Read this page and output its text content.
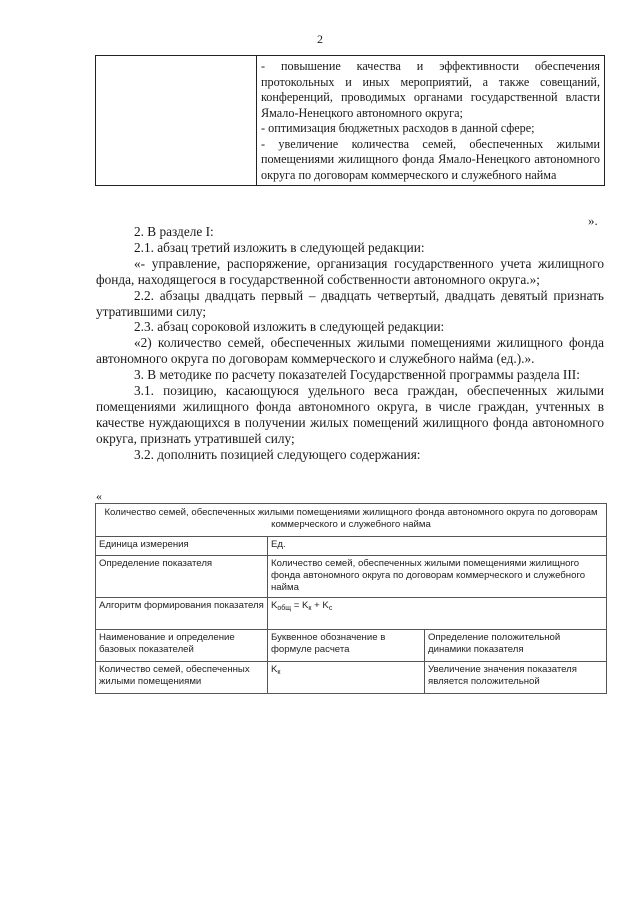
2

- повышение качества и эффективности обеспечения протокольных и иных мероприятий, а также совещаний, конференций, проводимых органами государственной власти Ямало-Ненецкого автономного округа;
- оптимизация бюджетных расходов в данной сфере;
- увеличение количества семей, обеспеченных жилыми помещениями жилищного фонда Ямало-Ненецкого автономного округа по договорам коммерческого и служебного найма
».

2. В разделе I:

2.1. абзац третий изложить в следующей редакции:

«- управление, распоряжение, организация государственного учета жилищного фонда, находящегося в государственной собственности автономного округа.»;

2.2. абзацы двадцать первый – двадцать четвертый, двадцать девятый признать утратившими силу;

2.3. абзац сороковой изложить в следующей редакции:

«2) количество семей, обеспеченных жилыми помещениями жилищного фонда автономного округа по договорам коммерческого и служебного найма (ед.).».

3. В методике по расчету показателей Государственной программы раздела III:

3.1. позицию, касающуюся удельного веса граждан, обеспеченных жилыми помещениями жилищного фонда автономного округа, в числе граждан, учтенных в качестве нуждающихся в получении жилых помещений жилищного фонда автономного округа, признать утратившей силу;

3.2. дополнить позицией следующего содержания:

«
Количество семей, обеспеченных жилыми помещениями жилищного фонда автономного округа по договорам коммерческого и служебного найма		
Единица измерения	Ед.	
Определение показателя	Количество семей, обеспеченных жилыми помещениями жилищного фонда автономного округа по договорам коммерческого и служебного найма	
Алгоритм формирования показателя	$K_{общ} = K_к + K_с$
Наименование и определение базовых показателей	Буквенное обозначение в формуле расчета	Определение положительной динамики показателя
Количество семей, обеспеченных жилыми помещениями	$K_к$	Увеличение значения показателя является положительной
